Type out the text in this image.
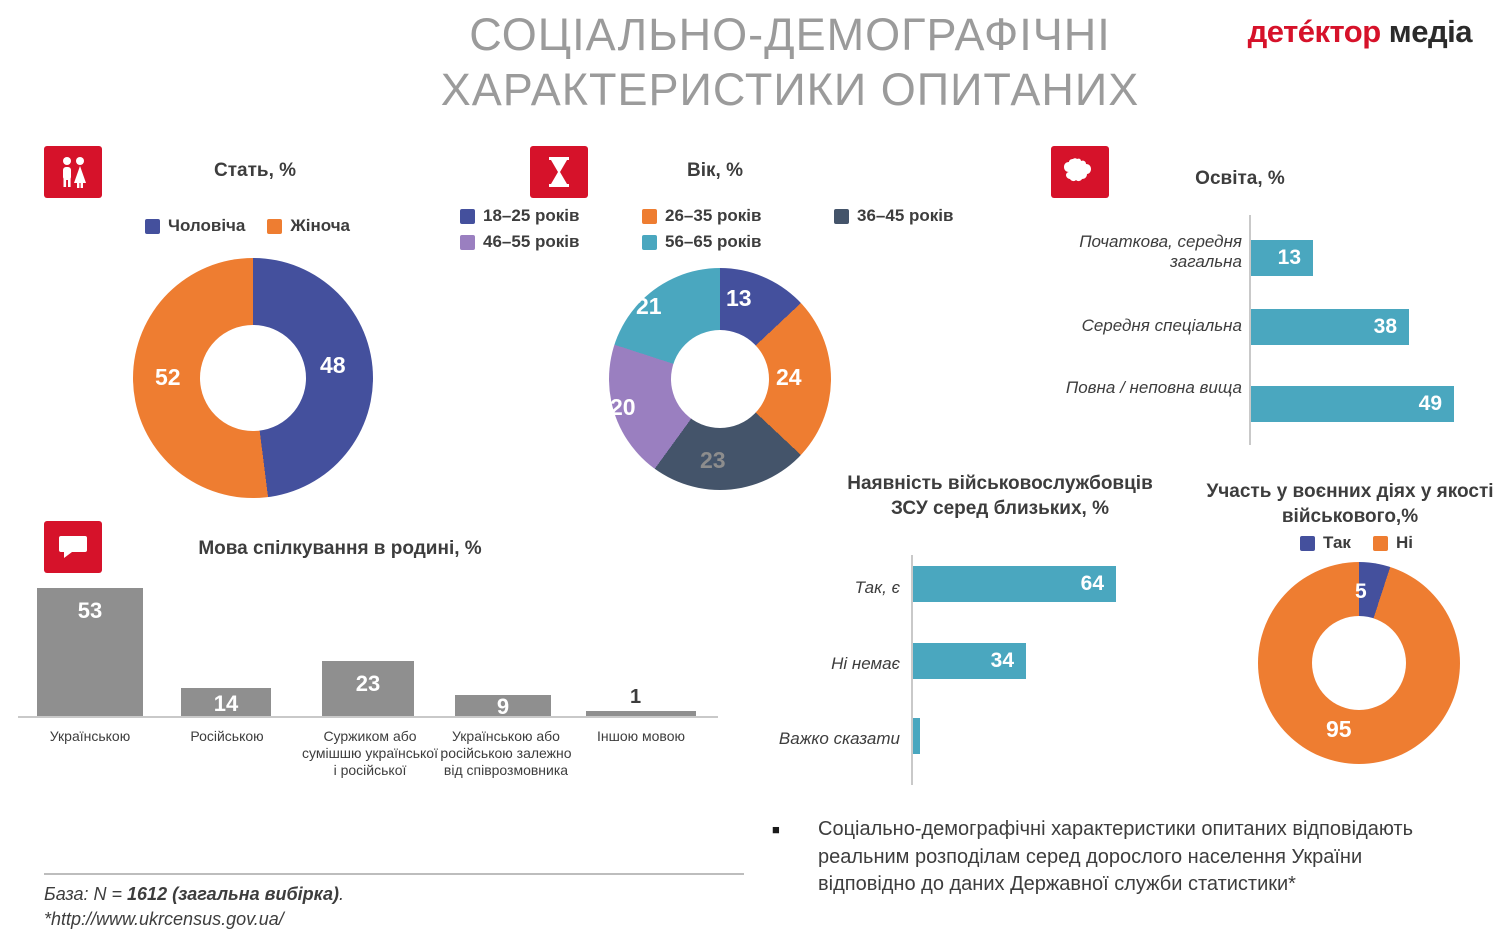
детéктор медіа
СОЦІАЛЬНО-ДЕМОГРАФІЧНІ ХАРАКТЕРИСТИКИ ОПИТАНИХ
Стать, %
Чоловіча	Жіноча
48
52
Вік, %
18–25 років	26–35 років	36–45 років
46–55 років	56–65 років
13
24
23
20
21
Освіта, %
13
Початкова, середня загальна
38
Середня спеціальна
49
Повна / неповна вища
Мова спілкування в родині, %
53
Українською
14
Російською
23
Суржиком або сумішшю української і російської
9
Українською або російською залежно від співрозмовника
1
Іншою мовою
Наявність військовослужбовців ЗСУ серед близьких, %
64
Так, є
34
Ні немає
Важко сказати
Участь у воєнних діях у якості військового,%
Так	Ні
5
95
База: N = 1612 (загальна вибірка).
*http://www.ukrcensus.gov.ua/
■ Соціально-демографічні характеристики опитаних відповідають реальним розподілам серед дорослого населення України відповідно до даних Державної служби статистики*
